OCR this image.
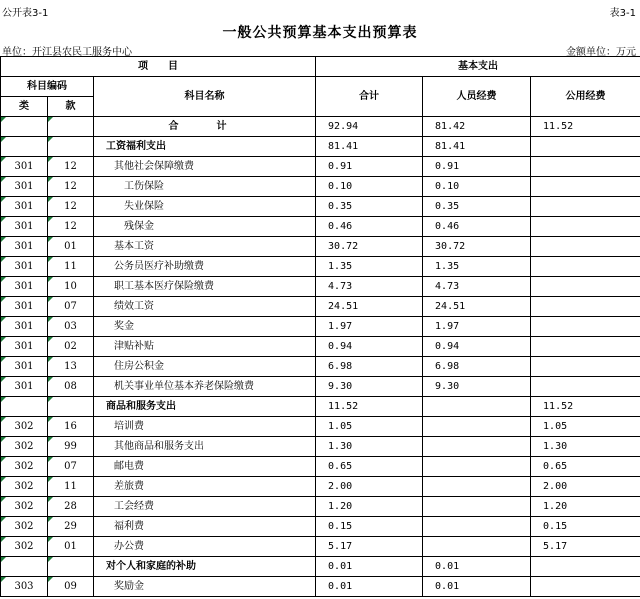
公开表3-1	表3-1
一般公共预算基本支出预算表
单位：开江县农民工服务中心	金额单位：万元
项　　目			基本支出		
科目编码		科目名称	合计	人员经费	公用经费
类	款				
		合　计	92.94	81.42	11.52
		工资福利支出	81.41	81.41	
301	12	其他社会保障缴费	0.91	0.91	
301	12	工伤保险	0.10	0.10	
301	12	失业保险	0.35	0.35	
301	12	残保金	0.46	0.46	
301	01	基本工资	30.72	30.72	
301	11	公务员医疗补助缴费	1.35	1.35	
301	10	职工基本医疗保险缴费	4.73	4.73	
301	07	绩效工资	24.51	24.51	
301	03	奖金	1.97	1.97	
301	02	津贴补贴	0.94	0.94	
301	13	住房公积金	6.98	6.98	
301	08	机关事业单位基本养老保险缴费	9.30	9.30	
		商品和服务支出	11.52		11.52
302	16	培训费	1.05		1.05
302	99	其他商品和服务支出	1.30		1.30
302	07	邮电费	0.65		0.65
302	11	差旅费	2.00		2.00
302	28	工会经费	1.20		1.20
302	29	福利费	0.15		0.15
302	01	办公费	5.17		5.17
		对个人和家庭的补助	0.01	0.01	
303	09	奖励金	0.01	0.01	
